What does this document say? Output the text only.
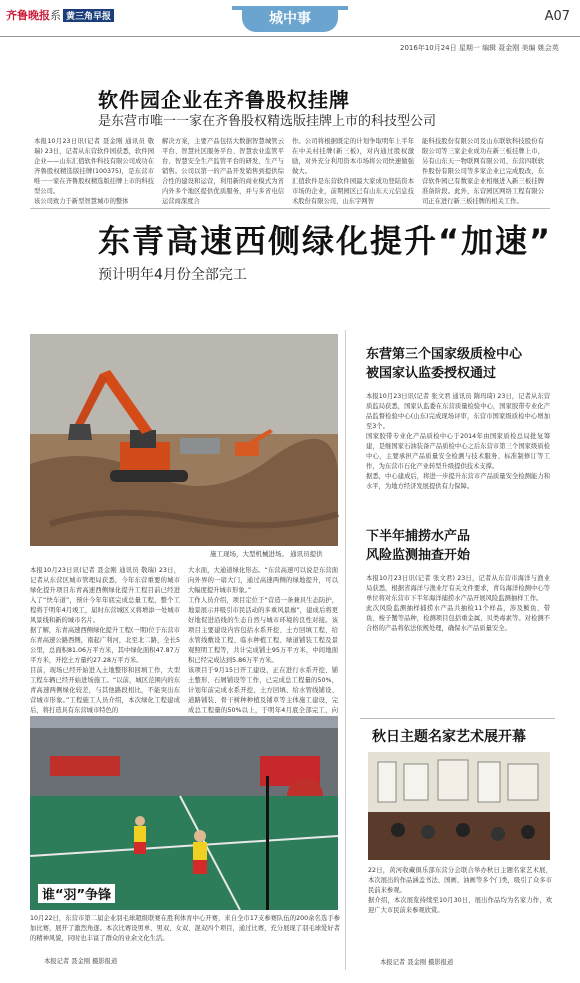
齐鲁晚报系 黄三角早报	城中事	A07
2016年10月24日 星期一 编辑 聂金刚 美编 姚会英
软件园企业在齐鲁股权挂牌
是东营市唯一一家在齐鲁股权精选版挂牌上市的科技型公司
本报10月23日讯(记者 聂金刚 通讯员 敬瑞) 23日，记者从东营软件园获悉，软件园企业——山东汇值软件科技有限公司成功在齐鲁股权精选版挂牌(100375)，是东营市唯一一家在齐鲁股权精选版挂牌上市的科技型公司。
该公司致力于新型智慧城市的整体
解决方案，主要产品包括大数据智慧城管云平台、智慧社区服务平台、智慧农业监管平台、智慧安全生产监管平台的研发、生产与销售。公司以第一的产品开发销售到提供综合性的建设和运营，利用新的商业模式为省内外多个地区提供优质服务，并与多省电信运营商深度合
作。公司将根据既定的计划争取明年上半年在中关村挂牌(新三板)，对内通过股权激励，对外充分利用资本市场将公司快速做强做大。
汇值软件是东营软件园最大家成功登陆资本市场的企业，前期园区已有山东天元信息技术股份有限公司、山东宇网智
能科技股份有限公司及山东联软科技股份有限公司等三家企业成功在新三板挂牌上市，另有山东天一物联网有限公司、东营四联软件股份有限公司等多家企业已完成股改，东营软件园已有数家企业相继进入新三板挂牌准备阶段。此外，东营园区网络工程有限公司正在进行新三板挂牌的相关工作。
东青高速西侧绿化提升“加速”
预计明年4月份全部完工
施工现场，大型机械进场。 通讯员提供
本报10月23日讯(记者 聂金刚 通讯员 敬瑞) 23日，记者从东营区城市管理局获悉，今年东营重要的城市绿化提升项目东青高速西侧绿化提升工程目前已经进入了“快车道”，预计今年年底完成总量工程，整个工程将于明年4月竣工，届时东营城区又将增添一处城市风景线和新的城市名片。
据了解，东青高速西侧绿化提升工程(一期)位于东营市东青高速公路西侧，南起广利河，北至北二路，全长5公里，总面积81.06万平方米，其中绿化面积47.87万平方米，开挖土方量约27.28万平方米。
目前，现场已经开始进入土地整形和回填工作，大型工程车辆已经开始进场施工。“以前，城区范围内的东青高速两侧绿化较差，与其他路段相比，不能突出东营城市形象。”工程施工人员介绍，本次绿化工程建成后，将打造具有东营城市特色的
大水面，大通道绿化形态。“东营高速可以说是东营面向外界的一扇大门，通过高速两侧的绿地提升，可以大幅度提升城市形象。”
工作人员介绍，项目定位于“营造一条兼具生态防护，地景展示并吸引市民活动的多重风景廊”，建成后将更好地促进沿线的生态自然与城市环境的良性对接。该项目主要建设内容包括水系开挖、土方回填工程、给水管线敷设工程、临水种植工程、绿道铺装工程及景观照明工程等，共计完成铺土95万平方米，中间地面积已经完成达到5.86万平方米。
该项目于9月15日开工建设，正在进行水系开挖、铺土整形、石屑铺设等工作，已完成总工程量的50%，计划年前完成水系开挖、土方回填、给水管线铺设、道路铺装、骨干树种种植及铺草等主体施工建设，完成总工程量的50%以上，于明年4月底全部完工，向
谁“羽”争锋
10月22日，东营市第二届企业羽毛球超级联赛在胜利体育中心开赛，来自全市17支参赛队伍的200余名选手参加比赛，展开了激烈角逐。本次比赛设男单、男双、女双、混双四个项目，通过比赛，充分展现了羽毛球爱好者的精神风貌，同时也丰富了群众的业余文化生活。
本报记者 聂金刚 摄影报道
东营第三个国家级质检中心
被国家认监委授权通过
本报10月23日讯(记者 张文君 通讯员 隋玛琦) 23日，记者从东营质监局获悉，国家认监委在东营质量检验中心，国家胶带专业化产品监督检验中心(山东)完成现场评审，东营市国家级质检中心增加至3个。
国家胶带专业化产品质检中心于2014年由国家质检总局批复筹建，是继国家石油装备产品质检中心之后东营市第三个国家级质检中心，主要承担产品质量安全检测与技术服务、标准制修订等工作，为东营市石化产业转型升级提供技术支撑。
据悉，中心建成后，将进一步提升东营市产品质量安全检测能力和水平，为地方经济发展提供有力保障。
下半年捕捞水产品
风险监测抽查开始
本报10月23日讯(记者 张文君) 23日，记者从东营市海洋与渔业局获悉，根据省海洋与渔业厅有关文件要求，青岛海洋检测中心等单位将对东营市下半年海洋捕捞水产品开展风险监测抽样工作。
此次风险监测抽样捕捞水产品共抽检11个样品，涉及鲅鱼、带鱼、梭子蟹等品种，检测项目包括重金属、贝类毒素等。对检测不合格的产品将依法依规处理，确保水产品质量安全。
秋日主题名家艺术展开幕
22日，黄河收藏俱乐部东营分会联合举办秋日主题名家艺术展，本次展出的作品涵盖书法、国画、油画等多个门类，吸引了众多市民前来参观。
据介绍，本次展览持续至10月30日，展出作品均为名家力作，欢迎广大市民前来参观欣赏。
本报记者 聂金刚 摄影报道
